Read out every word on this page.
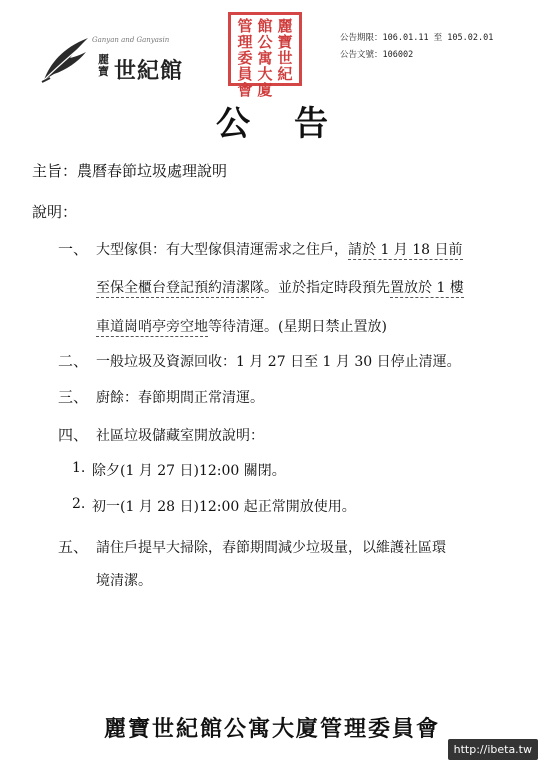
Ganyan and Ganyasin
麗寶 世紀館
麗
寶
世
紀
館
公
寓
大
廈
管
理
委
員
會
公告期限：106.01.11 至 105.02.01
公告文號：106002
公告
主旨：農曆春節垃圾處理說明
說明：
一、 大型傢俱：有大型傢俱清運需求之住戶，請於 1 月 18 日前
至保全櫃台登記預約清潔隊。並於指定時段預先置放於 1 樓
車道崗哨亭旁空地等待清運。(星期日禁止置放)
二、 一般垃圾及資源回收：1 月 27 日至 1 月 30 日停止清運。
三、 廚餘：春節期間正常清運。
四、 社區垃圾儲藏室開放說明：
1. 除夕(1 月 27 日)12:00 關閉。
2. 初一(1 月 28 日)12:00 起正常開放使用。
五、 請住戶提早大掃除，春節期間減少垃圾量，以維護社區環
境清潔。
麗寶世紀館公寓大廈管理委員會
http://ibeta.tw
